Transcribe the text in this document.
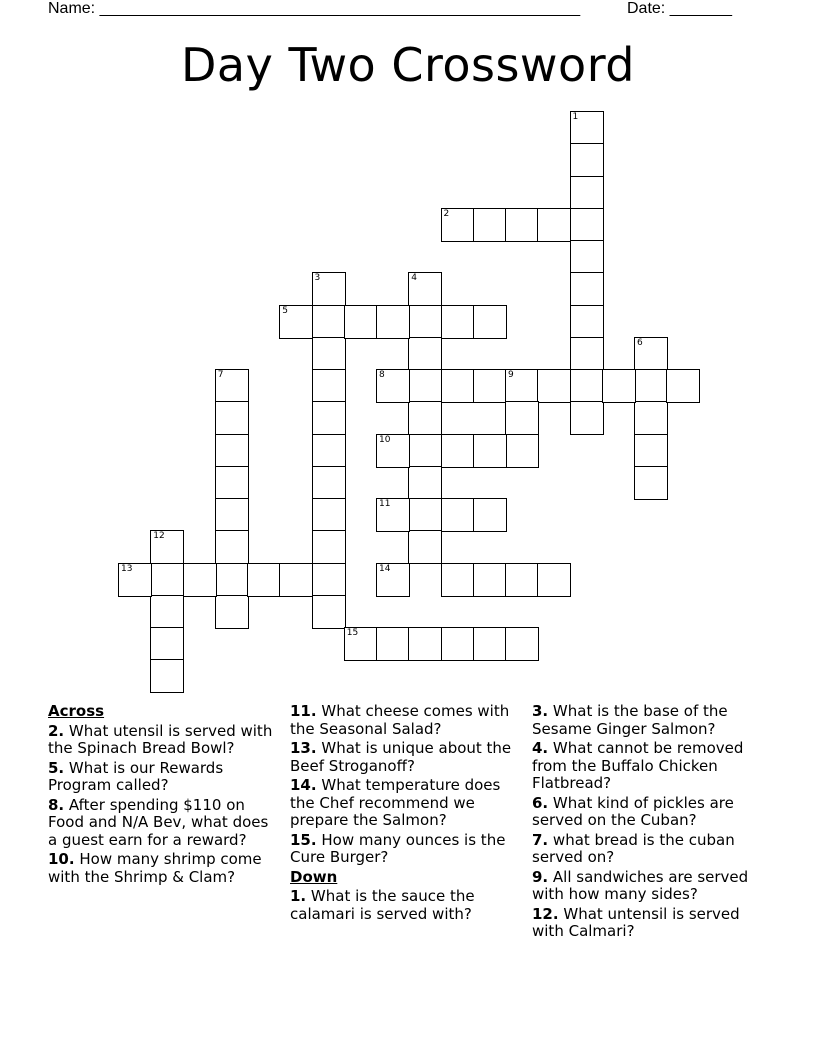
Name: ______________________________________________________	Date: _______
Day Two Crossword
1
2
3	4
5
6
7	8	9
10
11
12
13	14
15
Across
2. What utensil is served with the Spinach Bread Bowl?
5. What is our Rewards Program called?
8. After spending $110 on Food and N/A Bev, what does a guest earn for a reward?
10. How many shrimp come with the Shrimp & Clam?
11. What cheese comes with the Seasonal Salad?
13. What is unique about the Beef Stroganoff?
14. What temperature does the Chef recommend we prepare the Salmon?
15. How many ounces is the Cure Burger?
Down
1. What is the sauce the calamari is served with?
3. What is the base of the Sesame Ginger Salmon?
4. What cannot be removed from the Buffalo Chicken Flatbread?
6. What kind of pickles are served on the Cuban?
7. what bread is the cuban served on?
9. All sandwiches are served with how many sides?
12. What untensil is served with Calmari?
